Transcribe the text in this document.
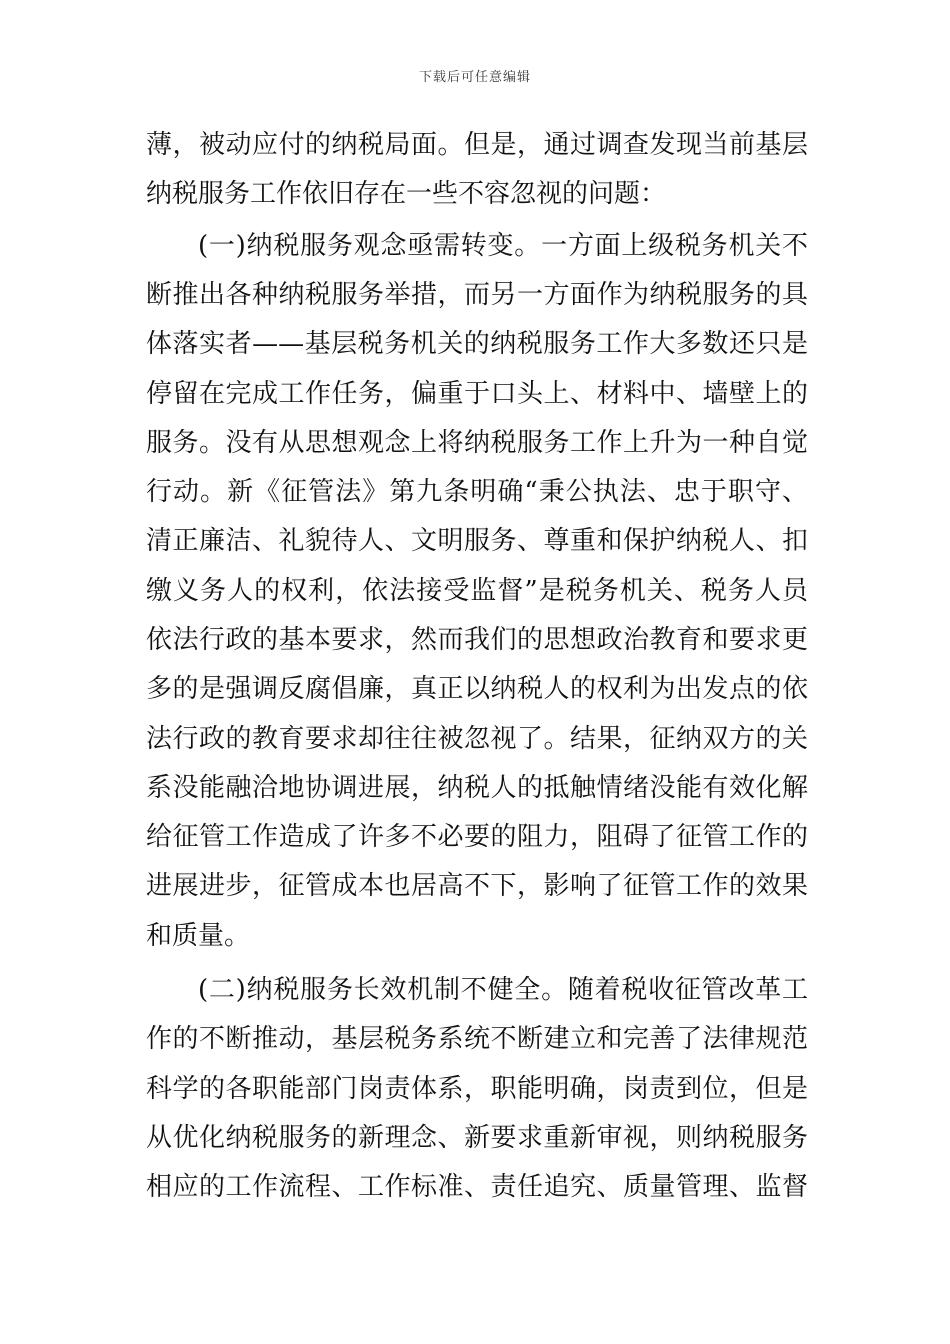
下载后可任意编辑
薄，被动应付的纳税局面。但是，通过调查发现当前基层
纳税服务工作依旧存在一些不容忽视的问题：
(一)纳税服务观念亟需转变。一方面上级税务机关不
断推出各种纳税服务举措，而另一方面作为纳税服务的具
体落实者——基层税务机关的纳税服务工作大多数还只是
停留在完成工作任务，偏重于口头上、材料中、墙壁上的
服务。没有从思想观念上将纳税服务工作上升为一种自觉
行动。新《征管法》第九条明确“秉公执法、忠于职守、
清正廉洁、礼貌待人、文明服务、尊重和保护纳税人、扣
缴义务人的权利，依法接受监督”是税务机关、税务人员
依法行政的基本要求，然而我们的思想政治教育和要求更
多的是强调反腐倡廉，真正以纳税人的权利为出发点的依
法行政的教育要求却往往被忽视了。结果，征纳双方的关
系没能融洽地协调进展，纳税人的抵触情绪没能有效化解
给征管工作造成了许多不必要的阻力，阻碍了征管工作的
进展进步，征管成本也居高不下，影响了征管工作的效果
和质量。
(二)纳税服务长效机制不健全。随着税收征管改革工
作的不断推动，基层税务系统不断建立和完善了法律规范
科学的各职能部门岗责体系，职能明确，岗责到位，但是
从优化纳税服务的新理念、新要求重新审视，则纳税服务
相应的工作流程、工作标准、责任追究、质量管理、监督
